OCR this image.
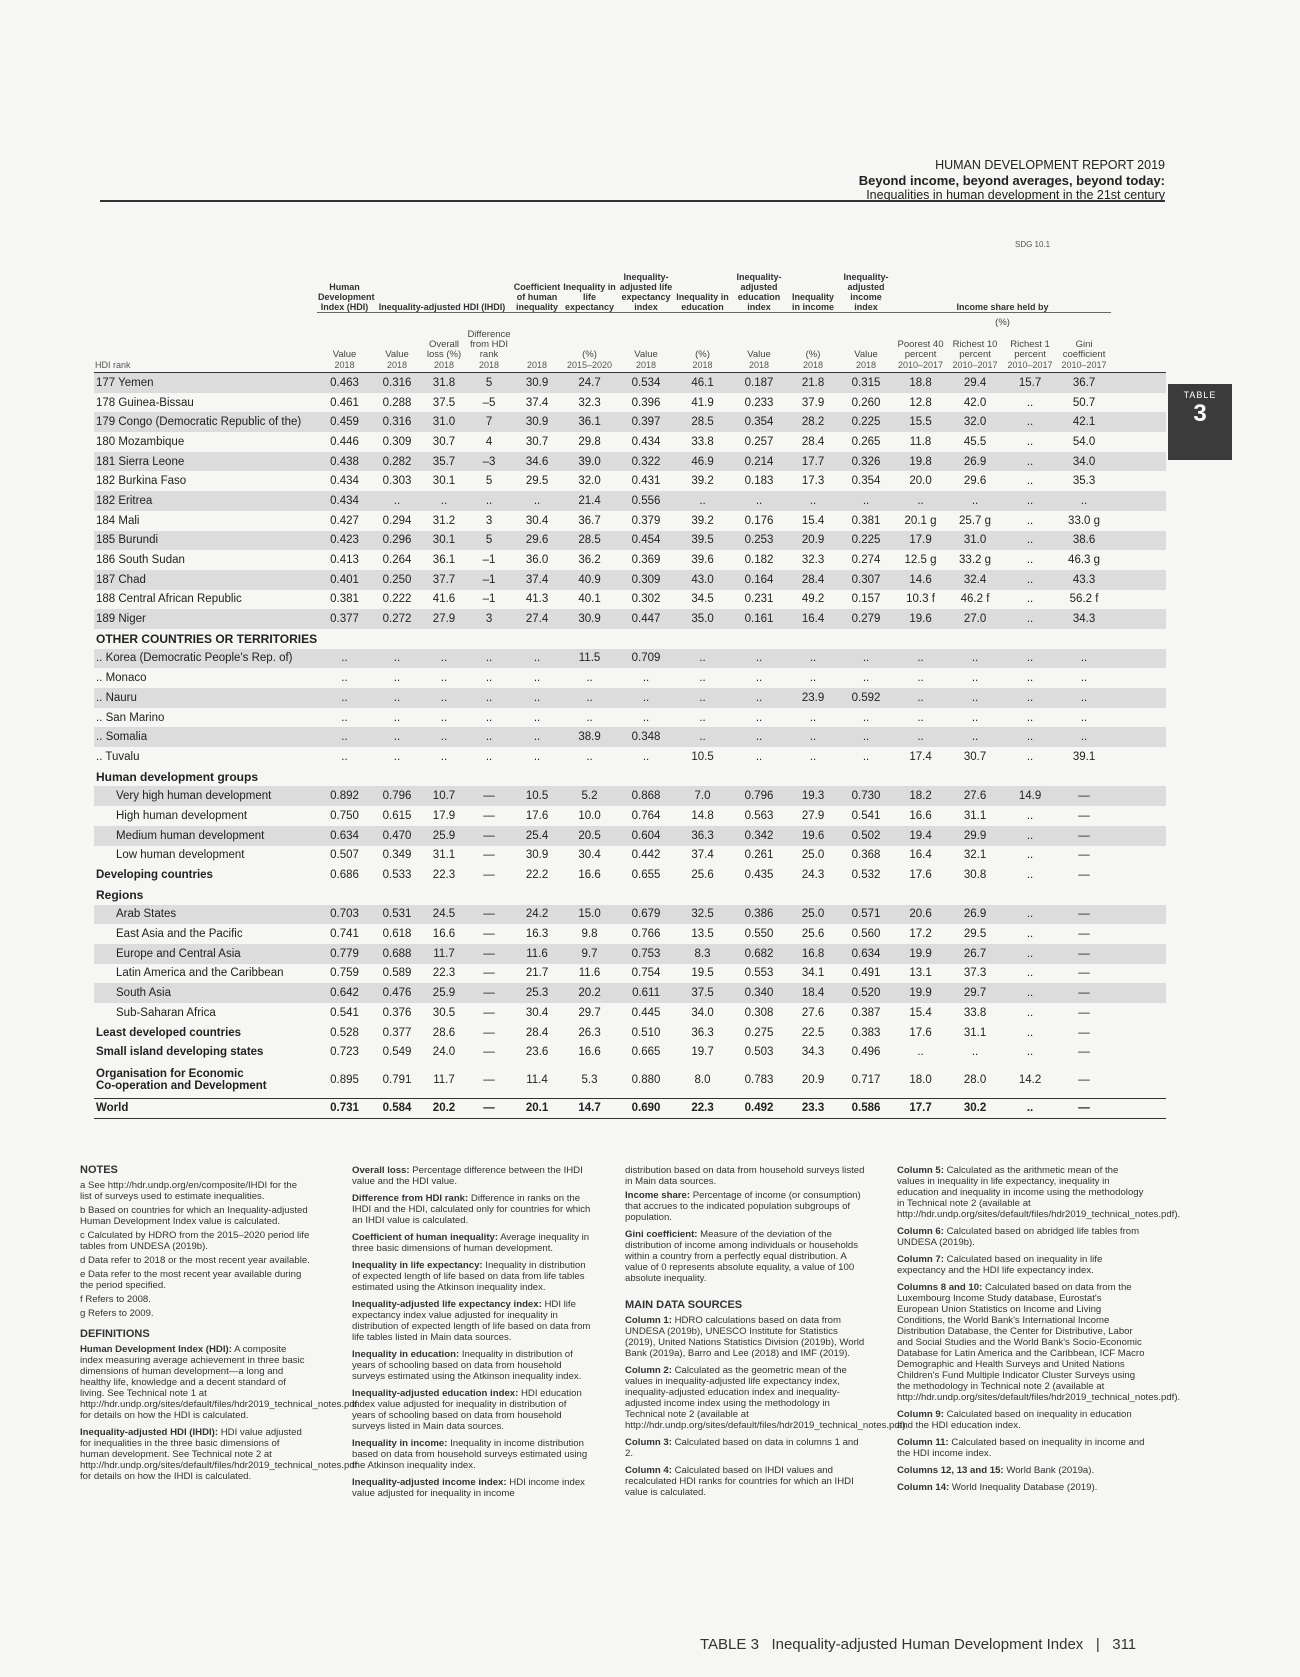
HUMAN DEVELOPMENT REPORT 2019
Beyond income, beyond averages, beyond today:
Inequalities in human development in the 21st century
SDG 10.1
TABLE
3
	Human Development Index (HDI)	Inequality-adjusted HDI (IHDI)			Coefficient of human inequality	Inequality in life expectancy	Inequality-adjusted life expectancy index	Inequality in education	Inequality-adjusted education index	Inequality in income	Inequality-adjusted income index	Income share held by				
												(%)				
	Value	Value	Overall loss (%)	Difference from HDI rank		(%)	Value	(%)	Value	(%)	Value	Poorest 40 percent	Richest 10 percent	Richest 1 percent	Gini coefficient	
HDI rank	2018	2018	2018	2018	2018	2015–2020	2018	2018	2018	2018	2018	2010–2017	2010–2017	2010–2017	2010–2017	
177 Yemen	0.463	0.316	31.8	5	30.9	24.7	0.534	46.1	0.187	21.8	0.315	18.8	29.4	15.7	36.7	
178 Guinea-Bissau	0.461	0.288	37.5	–5	37.4	32.3	0.396	41.9	0.233	37.9	0.260	12.8	42.0	..	50.7	
179 Congo (Democratic Republic of the)	0.459	0.316	31.0	7	30.9	36.1	0.397	28.5	0.354	28.2	0.225	15.5	32.0	..	42.1	
180 Mozambique	0.446	0.309	30.7	4	30.7	29.8	0.434	33.8	0.257	28.4	0.265	11.8	45.5	..	54.0	
181 Sierra Leone	0.438	0.282	35.7	–3	34.6	39.0	0.322	46.9	0.214	17.7	0.326	19.8	26.9	..	34.0	
182 Burkina Faso	0.434	0.303	30.1	5	29.5	32.0	0.431	39.2	0.183	17.3	0.354	20.0	29.6	..	35.3	
182 Eritrea	0.434	..	..	..	..	21.4	0.556	..	..	..	..	..	..	..	..	
184 Mali	0.427	0.294	31.2	3	30.4	36.7	0.379	39.2	0.176	15.4	0.381	20.1 g	25.7 g	..	33.0 g	
185 Burundi	0.423	0.296	30.1	5	29.6	28.5	0.454	39.5	0.253	20.9	0.225	17.9	31.0	..	38.6	
186 South Sudan	0.413	0.264	36.1	–1	36.0	36.2	0.369	39.6	0.182	32.3	0.274	12.5 g	33.2 g	..	46.3 g	
187 Chad	0.401	0.250	37.7	–1	37.4	40.9	0.309	43.0	0.164	28.4	0.307	14.6	32.4	..	43.3	
188 Central African Republic	0.381	0.222	41.6	–1	41.3	40.1	0.302	34.5	0.231	49.2	0.157	10.3 f	46.2 f	..	56.2 f	
189 Niger	0.377	0.272	27.9	3	27.4	30.9	0.447	35.0	0.161	16.4	0.279	19.6	27.0	..	34.3	
OTHER COUNTRIES OR TERRITORIES																
.. Korea (Democratic People's Rep. of)	..	..	..	..	..	11.5	0.709	..	..	..	..	..	..	..	..	
.. Monaco	..	..	..	..	..	..	..	..	..	..	..	..	..	..	..	
.. Nauru	..	..	..	..	..	..	..	..	..	23.9	0.592	..	..	..	..	
.. San Marino	..	..	..	..	..	..	..	..	..	..	..	..	..	..	..	
.. Somalia	..	..	..	..	..	38.9	0.348	..	..	..	..	..	..	..	..	
.. Tuvalu	..	..	..	..	..	..	..	10.5	..	..	..	17.4	30.7	..	39.1	
Human development groups																
Very high human development	0.892	0.796	10.7	—	10.5	5.2	0.868	7.0	0.796	19.3	0.730	18.2	27.6	14.9	—	
High human development	0.750	0.615	17.9	—	17.6	10.0	0.764	14.8	0.563	27.9	0.541	16.6	31.1	..	—	
Medium human development	0.634	0.470	25.9	—	25.4	20.5	0.604	36.3	0.342	19.6	0.502	19.4	29.9	..	—	
Low human development	0.507	0.349	31.1	—	30.9	30.4	0.442	37.4	0.261	25.0	0.368	16.4	32.1	..	—	
Developing countries	0.686	0.533	22.3	—	22.2	16.6	0.655	25.6	0.435	24.3	0.532	17.6	30.8	..	—	
Regions																
Arab States	0.703	0.531	24.5	—	24.2	15.0	0.679	32.5	0.386	25.0	0.571	20.6	26.9	..	—	
East Asia and the Pacific	0.741	0.618	16.6	—	16.3	9.8	0.766	13.5	0.550	25.6	0.560	17.2	29.5	..	—	
Europe and Central Asia	0.779	0.688	11.7	—	11.6	9.7	0.753	8.3	0.682	16.8	0.634	19.9	26.7	..	—	
Latin America and the Caribbean	0.759	0.589	22.3	—	21.7	11.6	0.754	19.5	0.553	34.1	0.491	13.1	37.3	..	—	
South Asia	0.642	0.476	25.9	—	25.3	20.2	0.611	37.5	0.340	18.4	0.520	19.9	29.7	..	—	
Sub-Saharan Africa	0.541	0.376	30.5	—	30.4	29.7	0.445	34.0	0.308	27.6	0.387	15.4	33.8	..	—	
Least developed countries	0.528	0.377	28.6	—	28.4	26.3	0.510	36.3	0.275	22.5	0.383	17.6	31.1	..	—	
Small island developing states	0.723	0.549	24.0	—	23.6	16.6	0.665	19.7	0.503	34.3	0.496	..	..	..	—	

Organisation for Economic
Co-operation and Development	0.895	0.791	11.7	—	11.4	5.3	0.880	8.0	0.783	20.9	0.717	18.0	28.0	14.2	—	
World	0.731	0.584	20.2	—	20.1	14.7	0.690	22.3	0.492	23.3	0.586	17.7	30.2	..	—	
NOTES

a See http://hdr.undp.org/en/composite/IHDI for the list of surveys used to estimate inequalities.

b Based on countries for which an Inequality-adjusted Human Development Index value is calculated.

c Calculated by HDRO from the 2015–2020 period life tables from UNDESA (2019b).

d Data refer to 2018 or the most recent year available.

e Data refer to the most recent year available during the period specified.

f Refers to 2008.

g Refers to 2009.

DEFINITIONS

Human Development Index (HDI): A composite index measuring average achievement in three basic dimensions of human development—a long and healthy life, knowledge and a decent standard of living. See Technical note 1 at http://hdr.undp.org/sites/default/files/hdr2019_technical_notes.pdf for details on how the HDI is calculated.

Inequality-adjusted HDI (IHDI): HDI value adjusted for inequalities in the three basic dimensions of human development. See Technical note 2 at http://hdr.undp.org/sites/default/files/hdr2019_technical_notes.pdf for details on how the IHDI is calculated.

Overall loss: Percentage difference between the IHDI value and the HDI value.

Difference from HDI rank: Difference in ranks on the IHDI and the HDI, calculated only for countries for which an IHDI value is calculated.

Coefficient of human inequality: Average inequality in three basic dimensions of human development.

Inequality in life expectancy: Inequality in distribution of expected length of life based on data from life tables estimated using the Atkinson inequality index.

Inequality-adjusted life expectancy index: HDI life expectancy index value adjusted for inequality in distribution of expected length of life based on data from life tables listed in Main data sources.

Inequality in education: Inequality in distribution of years of schooling based on data from household surveys estimated using the Atkinson inequality index.

Inequality-adjusted education index: HDI education index value adjusted for inequality in distribution of years of schooling based on data from household surveys listed in Main data sources.

Inequality in income: Inequality in income distribution based on data from household surveys estimated using the Atkinson inequality index.

Inequality-adjusted income index: HDI income index value adjusted for inequality in income

distribution based on data from household surveys listed in Main data sources.

Income share: Percentage of income (or consumption) that accrues to the indicated population subgroups of population.

Gini coefficient: Measure of the deviation of the distribution of income among individuals or households within a country from a perfectly equal distribution. A value of 0 represents absolute equality, a value of 100 absolute inequality.

MAIN DATA SOURCES

Column 1: HDRO calculations based on data from UNDESA (2019b), UNESCO Institute for Statistics (2019), United Nations Statistics Division (2019b), World Bank (2019a), Barro and Lee (2018) and IMF (2019).

Column 2: Calculated as the geometric mean of the values in inequality-adjusted life expectancy index, inequality-adjusted education index and inequality-adjusted income index using the methodology in Technical note 2 (available at http://hdr.undp.org/sites/default/files/hdr2019_technical_notes.pdf).

Column 3: Calculated based on data in columns 1 and 2.

Column 4: Calculated based on IHDI values and recalculated HDI ranks for countries for which an IHDI value is calculated.

Column 5: Calculated as the arithmetic mean of the values in inequality in life expectancy, inequality in education and inequality in income using the methodology in Technical note 2 (available at http://hdr.undp.org/sites/default/files/hdr2019_technical_notes.pdf).

Column 6: Calculated based on abridged life tables from UNDESA (2019b).

Column 7: Calculated based on inequality in life expectancy and the HDI life expectancy index.

Columns 8 and 10: Calculated based on data from the Luxembourg Income Study database, Eurostat's European Union Statistics on Income and Living Conditions, the World Bank's International Income Distribution Database, the Center for Distributive, Labor and Social Studies and the World Bank's Socio-Economic Database for Latin America and the Caribbean, ICF Macro Demographic and Health Surveys and United Nations Children's Fund Multiple Indicator Cluster Surveys using the methodology in Technical note 2 (available at http://hdr.undp.org/sites/default/files/hdr2019_technical_notes.pdf).

Column 9: Calculated based on inequality in education and the HDI education index.

Column 11: Calculated based on inequality in income and the HDI income index.

Columns 12, 13 and 15: World Bank (2019a).

Column 14: World Inequality Database (2019).

TABLE 3 Inequality-adjusted Human Development Index | 311
